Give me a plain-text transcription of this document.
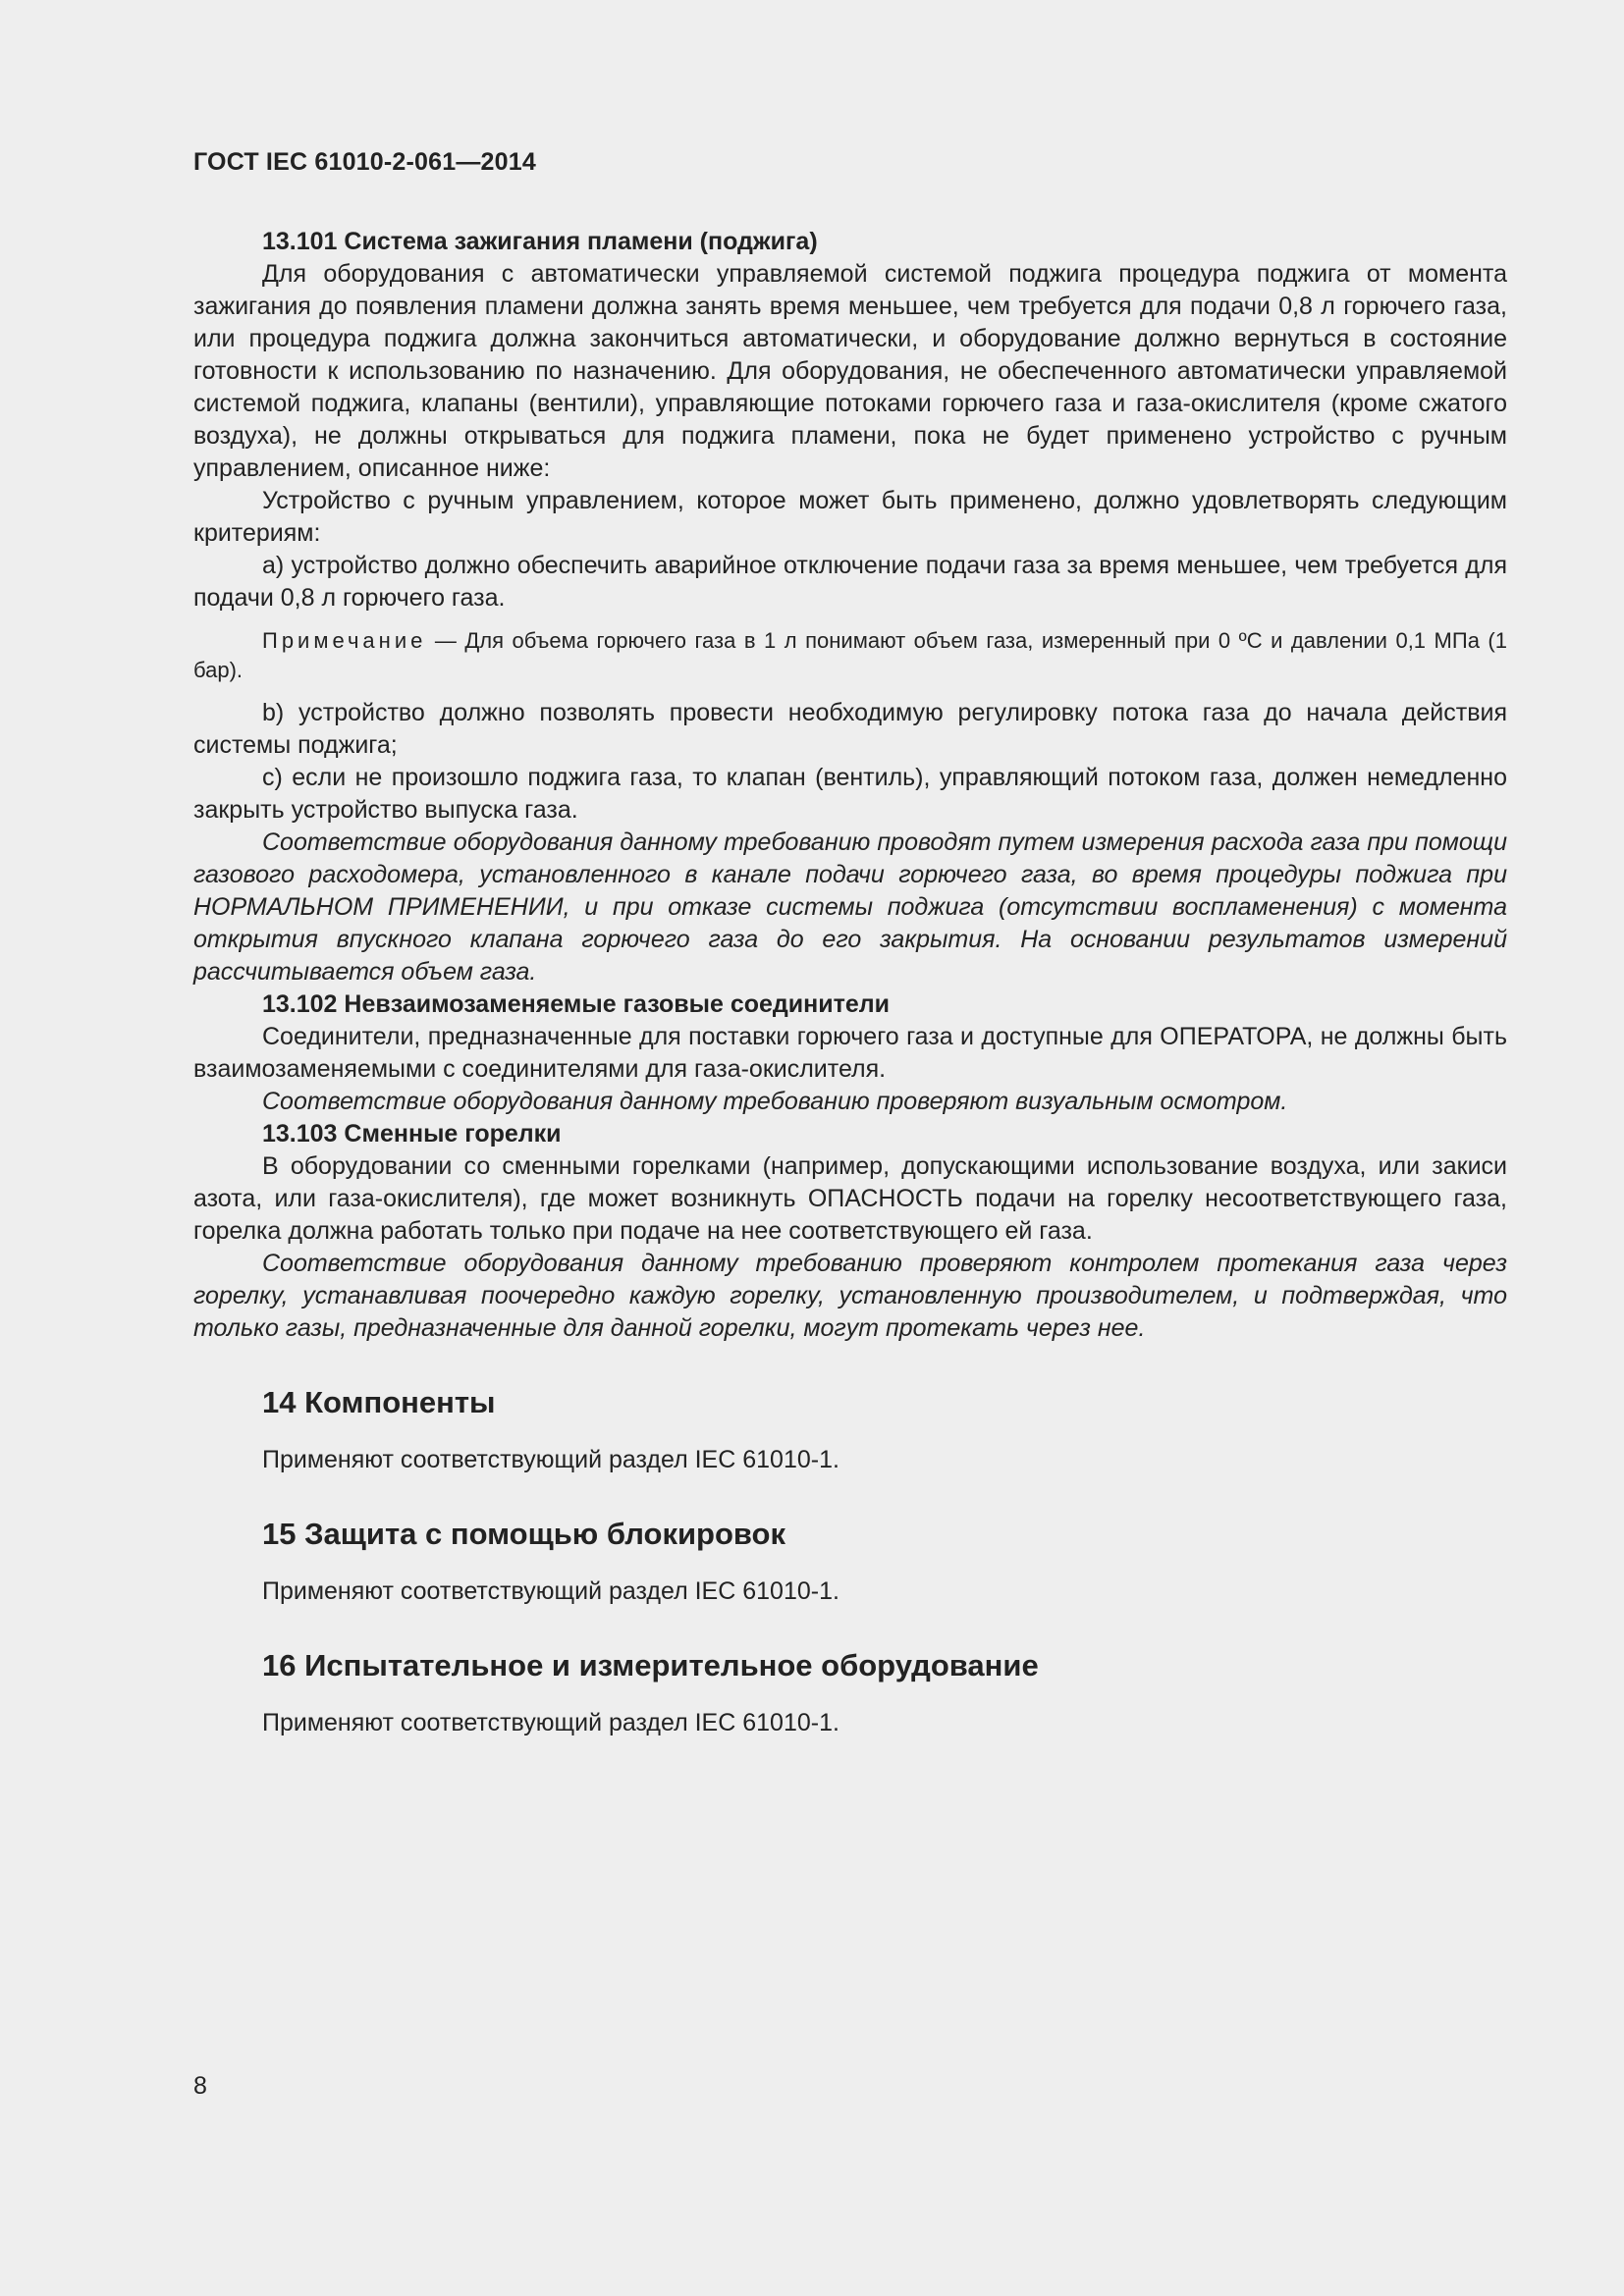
ГОСТ IEC 61010-2-061—2014

13.101 Система зажигания пламени (поджига)

Для оборудования с автоматически управляемой системой поджига процедура поджига от момента зажигания до появления пламени должна занять время меньшее, чем требуется для подачи 0,8 л горючего газа, или процедура поджига должна закончиться автоматически, и оборудование должно вернуться в состояние готовности к использованию по назначению. Для оборудования, не обеспеченного автоматически управляемой системой поджига, клапаны (вентили), управляющие потоками горючего газа и газа-окислителя (кроме сжатого воздуха), не должны открываться для поджига пламени, пока не будет применено устройство с ручным управлением, описанное ниже:

Устройство с ручным управлением, которое может быть применено, должно удовлетворять следующим критериям:

a) устройство должно обеспечить аварийное отключение подачи газа за время меньшее, чем требуется для подачи 0,8 л горючего газа.

Примечание — Для объема горючего газа в 1 л понимают объем газа, измеренный при 0 ºС и давлении 0,1 МПа (1 бар).

b) устройство должно позволять провести необходимую регулировку потока газа до начала действия системы поджига;

c) если не произошло поджига газа, то клапан (вентиль), управляющий потоком газа, должен немедленно закрыть устройство выпуска газа.

Соответствие оборудования данному требованию проводят путем измерения расхода газа при помощи газового расходомера, установленного в канале подачи горючего газа, во время процедуры поджига при НОРМАЛЬНОМ ПРИМЕНЕНИИ, и при отказе системы поджига (отсутствии воспламенения) с момента открытия впускного клапана горючего газа до его закрытия. На основании результатов измерений рассчитывается объем газа.

13.102 Невзаимозаменяемые газовые соединители

Соединители, предназначенные для поставки горючего газа и доступные для ОПЕРАТОРА, не должны быть взаимозаменяемыми с соединителями для газа-окислителя.

Соответствие оборудования данному требованию проверяют визуальным осмотром.

13.103 Сменные горелки

В оборудовании со сменными горелками (например, допускающими использование воздуха, или закиси азота, или газа-окислителя), где может возникнуть ОПАСНОСТЬ подачи на горелку несоответствующего газа, горелка должна работать только при подаче на нее соответствующего ей газа.

Соответствие оборудования данному требованию проверяют контролем протекания газа через горелку, устанавливая поочередно каждую горелку, установленную производителем, и подтверждая, что только газы, предназначенные для данной горелки, могут протекать через нее.

14 Компоненты

Применяют соответствующий раздел IEC 61010-1.

15 Защита с помощью блокировок

Применяют соответствующий раздел IEC 61010-1.

16 Испытательное и измерительное оборудование

Применяют соответствующий раздел IEC 61010-1.

8
